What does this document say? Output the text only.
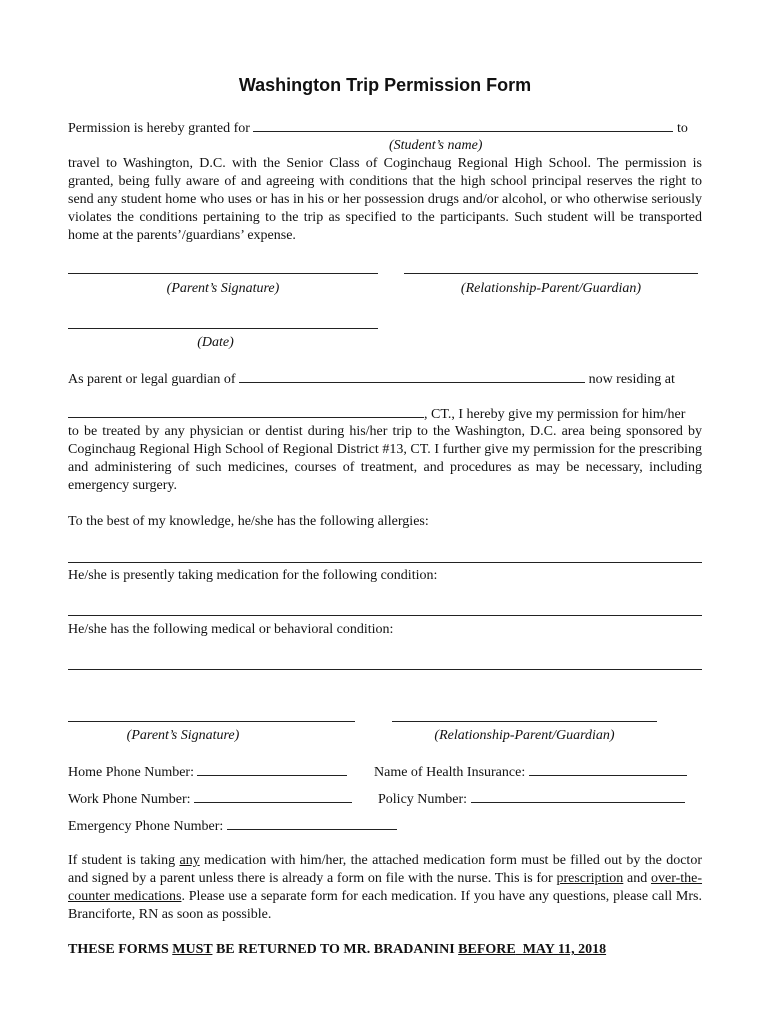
Washington Trip Permission Form
Permission is hereby granted for	to
(Student’s name)
travel to Washington, D.C. with the Senior Class of Coginchaug Regional High School. The permission is granted, being fully aware of and agreeing with conditions that the high school principal reserves the right to send any student home who uses or has in his or her possession drugs and/or alcohol, or who otherwise seriously violates the conditions pertaining to the trip as specified to the participants. Such student will be transported home at the parents’/guardians’ expense.
(Parent’s Signature)	(Relationship-Parent/Guardian)
(Date)
As parent or legal guardian of	now residing at
, CT., I hereby give my permission for him/her
to be treated by any physician or dentist during his/her trip to the Washington, D.C. area being sponsored by Coginchaug Regional High School of Regional District #13, CT. I further give my permission for the prescribing and administering of such medicines, courses of treatment, and procedures as may be necessary, including emergency surgery.
To the best of my knowledge, he/she has the following allergies:
He/she is presently taking medication for the following condition:
He/she has the following medical or behavioral condition:
(Parent’s Signature)	(Relationship-Parent/Guardian)
Home Phone Number:	Name of Health Insurance:
Work Phone Number:	Policy Number:
Emergency Phone Number:
If student is taking any medication with him/her, the attached medication form must be filled out by the doctor and signed by a parent unless there is already a form on file with the nurse. This is for prescription and over-the-counter medications. Please use a separate form for each medication. If you have any questions, please call Mrs. Branciforte, RN as soon as possible.
THESE FORMS MUST BE RETURNED TO MR. BRADANINI BEFORE  MAY 11, 2018
